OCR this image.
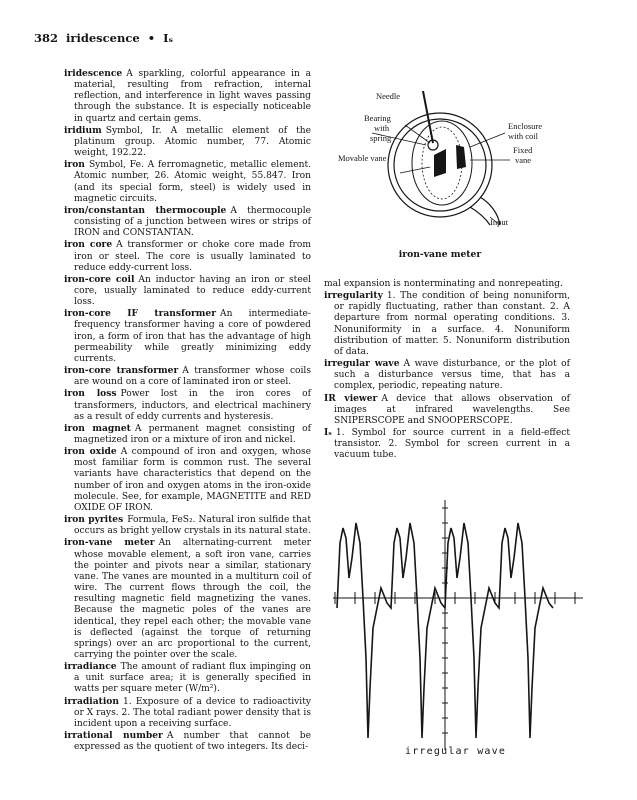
382 iridescence • Iₛ

iridescence A sparkling, colorful appearance in a material, resulting from refraction, internal reflection, and interference in light waves passing through the substance. It is especially noticeable in quartz and certain gems.

iridium Symbol, Ir. A metallic element of the platinum group. Atomic number, 77. Atomic weight, 192.22.

iron Symbol, Fe. A ferromagnetic, metallic element. Atomic number, 26. Atomic weight, 55.847. Iron (and its special form, steel) is widely used in magnetic circuits.

iron/constantan thermocouple A thermocouple consisting of a junction between wires or strips of IRON and CONSTANTAN.

iron core A transformer or choke core made from iron or steel. The core is usually laminated to reduce eddy-current loss.

iron-core coil An inductor having an iron or steel core, usually laminated to reduce eddy-current loss.

iron-core IF transformer An intermediate-frequency transformer having a core of powdered iron, a form of iron that has the advantage of high permeability while greatly minimizing eddy currents.

iron-core transformer A transformer whose coils are wound on a core of laminated iron or steel.

iron loss Power lost in the iron cores of transformers, inductors, and electrical machinery as a result of eddy currents and hysteresis.

iron magnet A permanent magnet consisting of magnetized iron or a mixture of iron and nickel.

iron oxide A compound of iron and oxygen, whose most familiar form is common rust. The several variants have characteristics that depend on the number of iron and oxygen atoms in the iron-oxide molecule. See, for example, MAGNETITE and RED OXIDE OF IRON.

iron pyrites Formula, FeS₂. Natural iron sulfide that occurs as bright yellow crystals in its natural state.

iron-vane meter An alternating-current meter whose movable element, a soft iron vane, carries the pointer and pivots near a similar, stationary vane. The vanes are mounted in a multiturn coil of wire. The current flows through the coil, the resulting magnetic field magnetizing the vanes. Because the magnetic poles of the vanes are identical, they repel each other; the movable vane is deflected (against the torque of returning springs) over an arc proportional to the current, carrying the pointer over the scale.

irradiance The amount of radiant flux impinging on a unit surface area; it is generally specified in watts per square meter (W/m²).

irradiation 1. Exposure of a device to radioactivity or X rays. 2. The total radiant power density that is incident upon a receiving surface.

irrational number A number that cannot be expressed as the quotient of two integers. Its deci-

Needle
Bearing
with
spring
Movable vane
Enclosure
with coil
Fixed
vane
Input
iron-vane meter

mal expansion is nonterminating and nonrepeating.

irregularity 1. The condition of being nonuniform, or rapidly fluctuating, rather than constant. 2. A departure from normal operating conditions. 3. Nonuniformity in a surface. 4. Nonuniform distribution of matter. 5. Nonuniform distribution of data.

irregular wave A wave disturbance, or the plot of such a disturbance versus time, that has a complex, periodic, repeating nature.

IR viewer A device that allows observation of images at infrared wavelengths. See SNIPERSCOPE and SNOOPERSCOPE.

Iₛ 1. Symbol for source current in a field-effect transistor. 2. Symbol for screen current in a vacuum tube.

irregular wave
